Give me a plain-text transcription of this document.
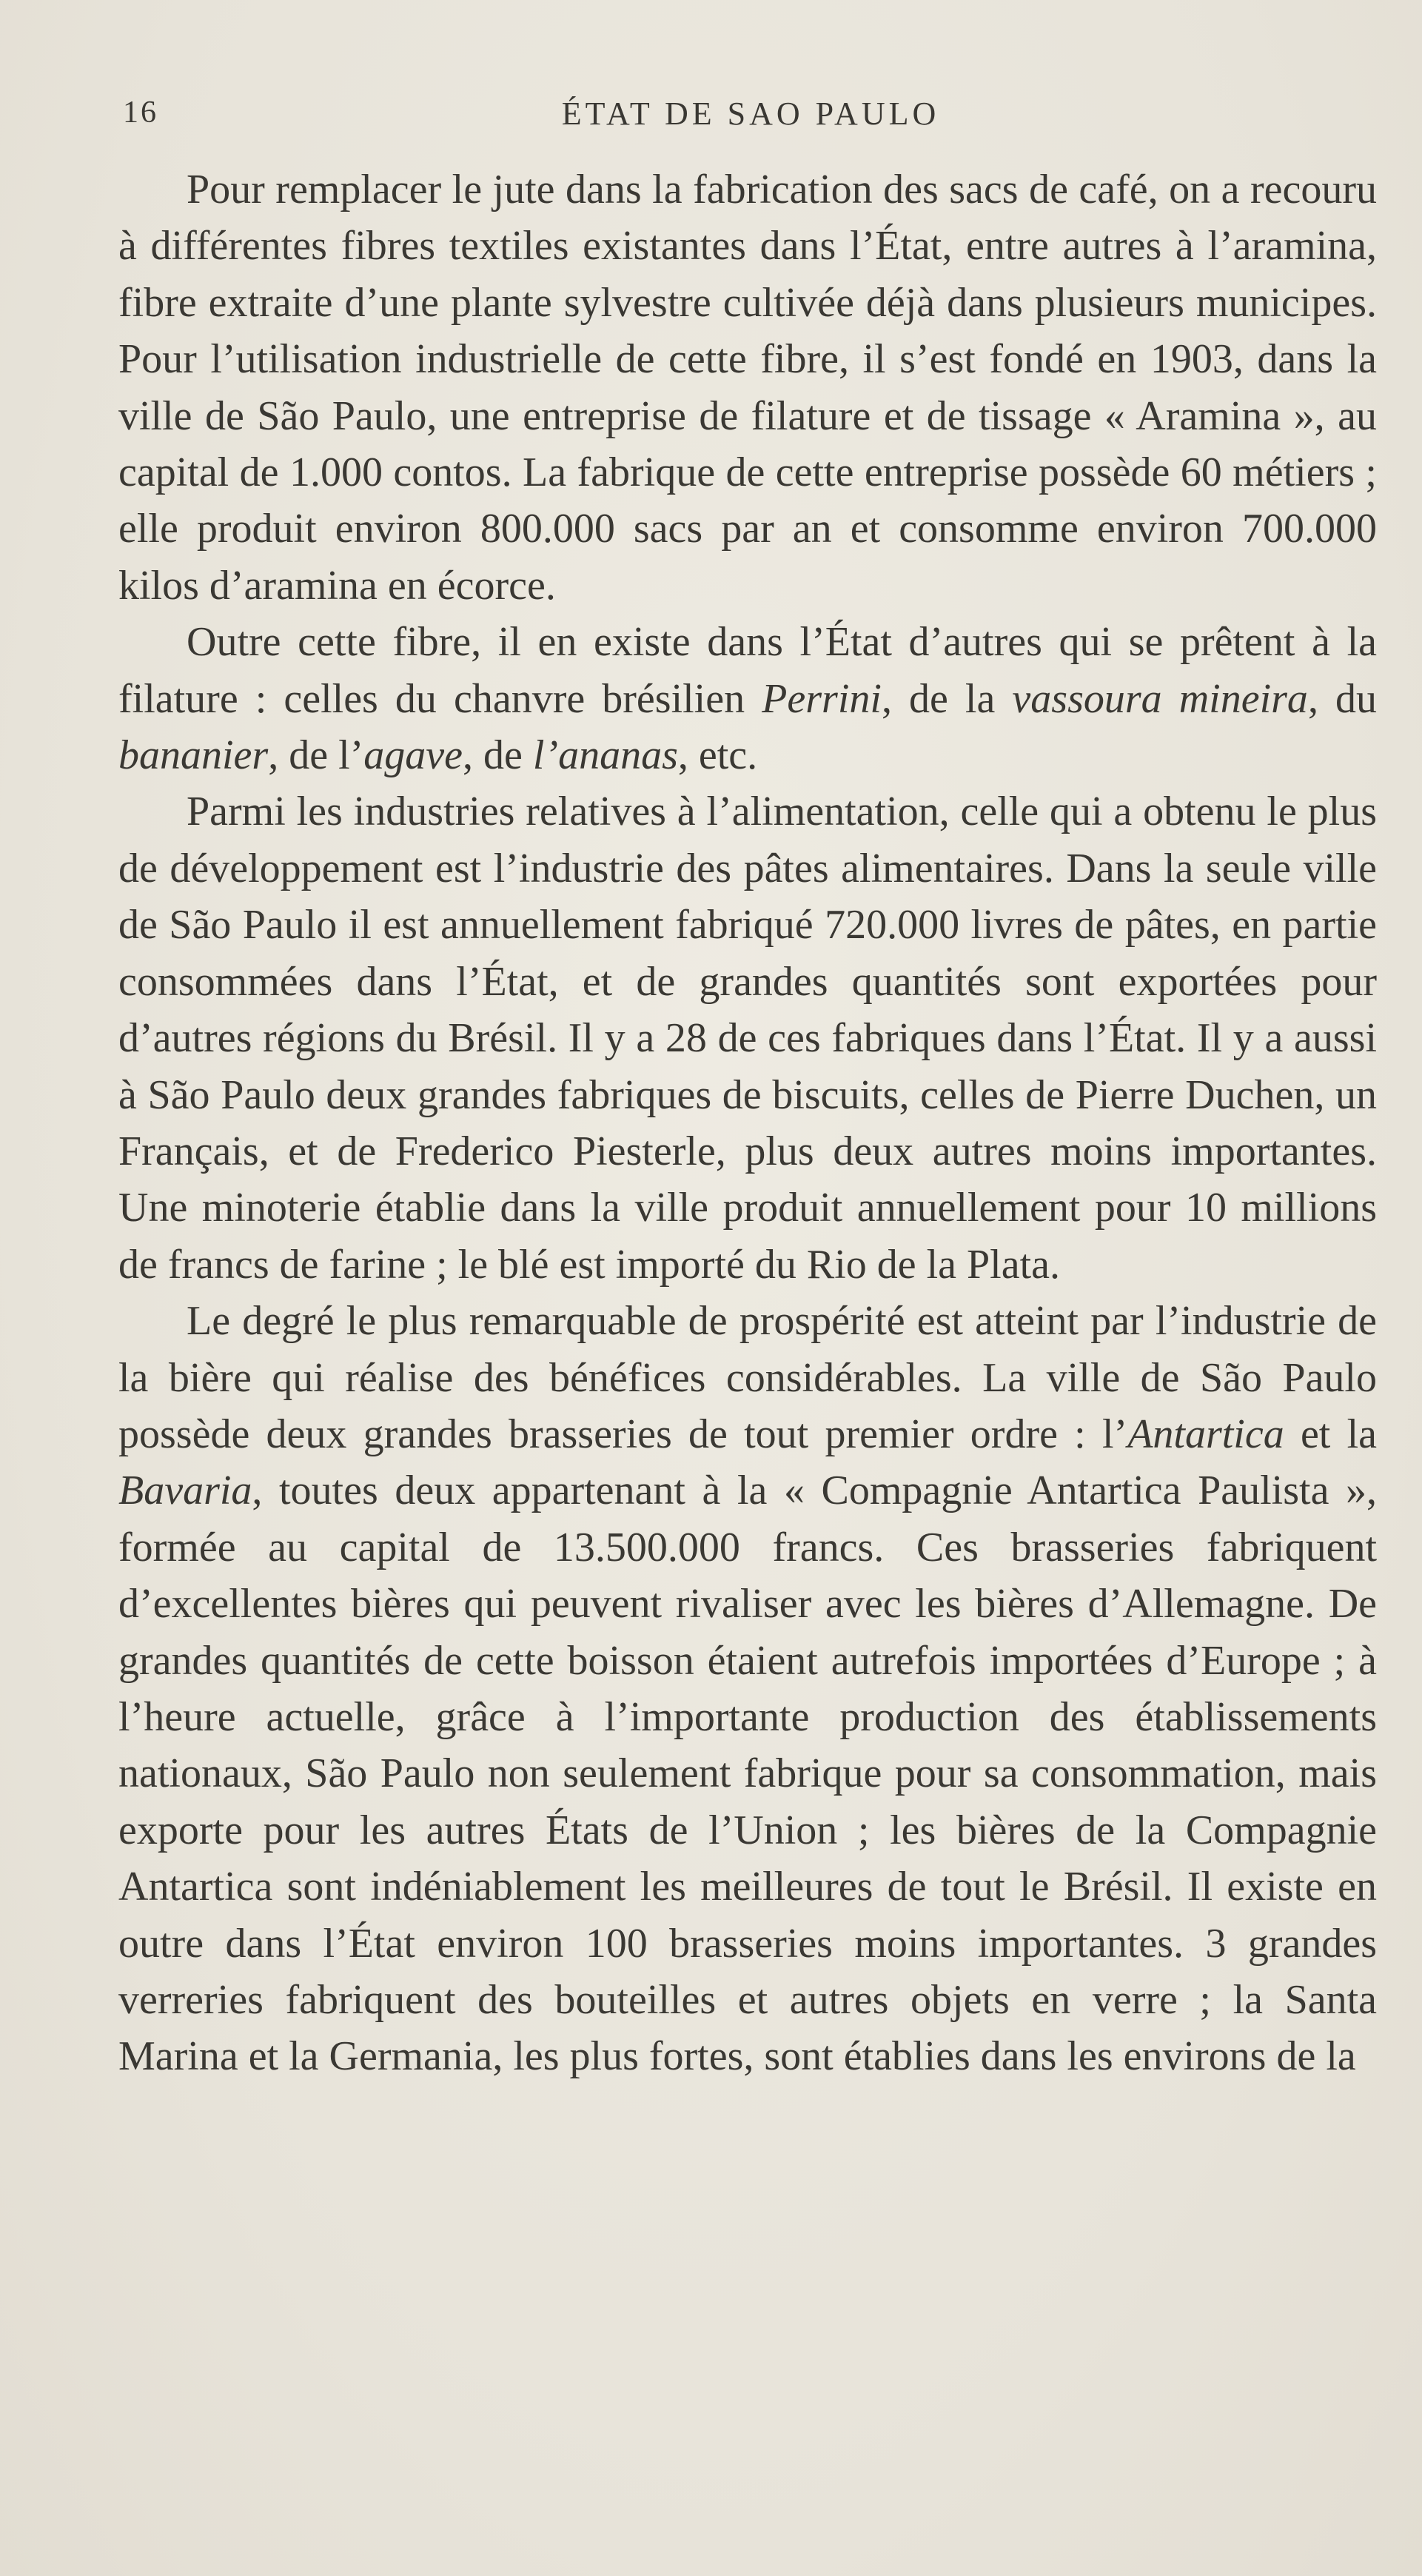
16	ÉTAT DE SAO PAULO

Pour remplacer le jute dans la fabrication des sacs de café, on a recouru à différentes fibres textiles existantes dans l’État, entre autres à l’aramina, fibre extraite d’une plante sylvestre cultivée déjà dans plusieurs municipes. Pour l’utilisation industrielle de cette fibre, il s’est fondé en 1903, dans la ville de São Paulo, une entreprise de filature et de tissage « Aramina », au capital de 1.000 contos. La fabrique de cette entreprise possède 60 métiers ; elle produit environ 800.000 sacs par an et consomme environ 700.000 kilos d’aramina en écorce.

Outre cette fibre, il en existe dans l’État d’autres qui se prêtent à la filature : celles du chanvre brésilien Perrini, de la vassoura mineira, du bananier, de l’agave, de l’ananas, etc.

Parmi les industries relatives à l’alimentation, celle qui a obtenu le plus de développement est l’industrie des pâtes alimentaires. Dans la seule ville de São Paulo il est annuellement fabriqué 720.000 livres de pâtes, en partie consommées dans l’État, et de grandes quantités sont exportées pour d’autres régions du Brésil. Il y a 28 de ces fabriques dans l’État. Il y a aussi à São Paulo deux grandes fabriques de biscuits, celles de Pierre Duchen, un Français, et de Frederico Piesterle, plus deux autres moins importantes. Une minoterie établie dans la ville produit annuellement pour 10 millions de francs de farine ; le blé est importé du Rio de la Plata.

Le degré le plus remarquable de prospérité est atteint par l’industrie de la bière qui réalise des bénéfices considérables. La ville de São Paulo possède deux grandes brasseries de tout premier ordre : l’Antartica et la Bavaria, toutes deux appartenant à la « Compagnie Antartica Paulista », formée au capital de 13.500.000 francs. Ces brasseries fabriquent d’excellentes bières qui peuvent rivaliser avec les bières d’Allemagne. De grandes quantités de cette boisson étaient autrefois importées d’Europe ; à l’heure actuelle, grâce à l’importante production des établissements nationaux, São Paulo non seulement fabrique pour sa consommation, mais exporte pour les autres États de l’Union ; les bières de la Compagnie Antartica sont indéniablement les meilleures de tout le Brésil. Il existe en outre dans l’État environ 100 brasseries moins importantes. 3 grandes verreries fabriquent des bouteilles et autres objets en verre ; la Santa Marina et la Germania, les plus fortes, sont établies dans les environs de la
